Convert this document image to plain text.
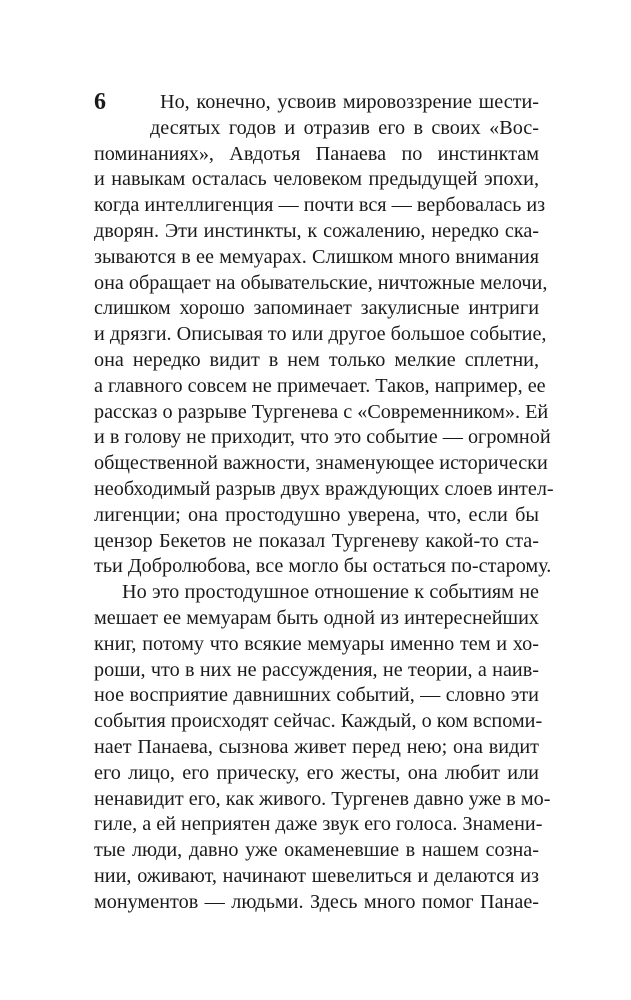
6	Но, конечно, усвоив мировоззрение шести-
десятых годов и отразив его в своих «Вос-
поминаниях», Авдотья Панаева по инстинктам
и навыкам осталась человеком предыдущей эпохи,
когда интеллигенция — почти вся — вербовалась из
дворян. Эти инстинкты, к сожалению, нередко ска-
зываются в ее мемуарах. Слишком много внимания
она обращает на обывательские, ничтожные мелочи,
слишком хорошо запоминает закулисные интриги
и дрязги. Описывая то или другое большое событие,
она нередко видит в нем только мелкие сплетни,
а главного совсем не примечает. Таков, например, ее
рассказ о разрыве Тургенева с «Современником». Ей
и в голову не приходит, что это событие — огромной
общественной важности, знаменующее исторически
необходимый разрыв двух враждующих слоев интел-
лигенции; она простодушно уверена, что, если бы
цензор Бекетов не показал Тургеневу какой-то ста-
тьи Добролюбова, все могло бы остаться по-старому.
Но это простодушное отношение к событиям не
мешает ее мемуарам быть одной из интереснейших
книг, потому что всякие мемуары именно тем и хо-
роши, что в них не рассуждения, не теории, а наив-
ное восприятие давнишних событий, — словно эти
события происходят сейчас. Каждый, о ком вспоми-
нает Панаева, сызнова живет перед нею; она видит
его лицо, его прическу, его жесты, она любит или
ненавидит его, как живого. Тургенев давно уже в мо-
гиле, а ей неприятен даже звук его голоса. Знамени-
тые люди, давно уже окаменевшие в нашем сознa-
нии, оживают, начинают шевелиться и делаются из
монументов — людьми. Здесь много помог Панае-
